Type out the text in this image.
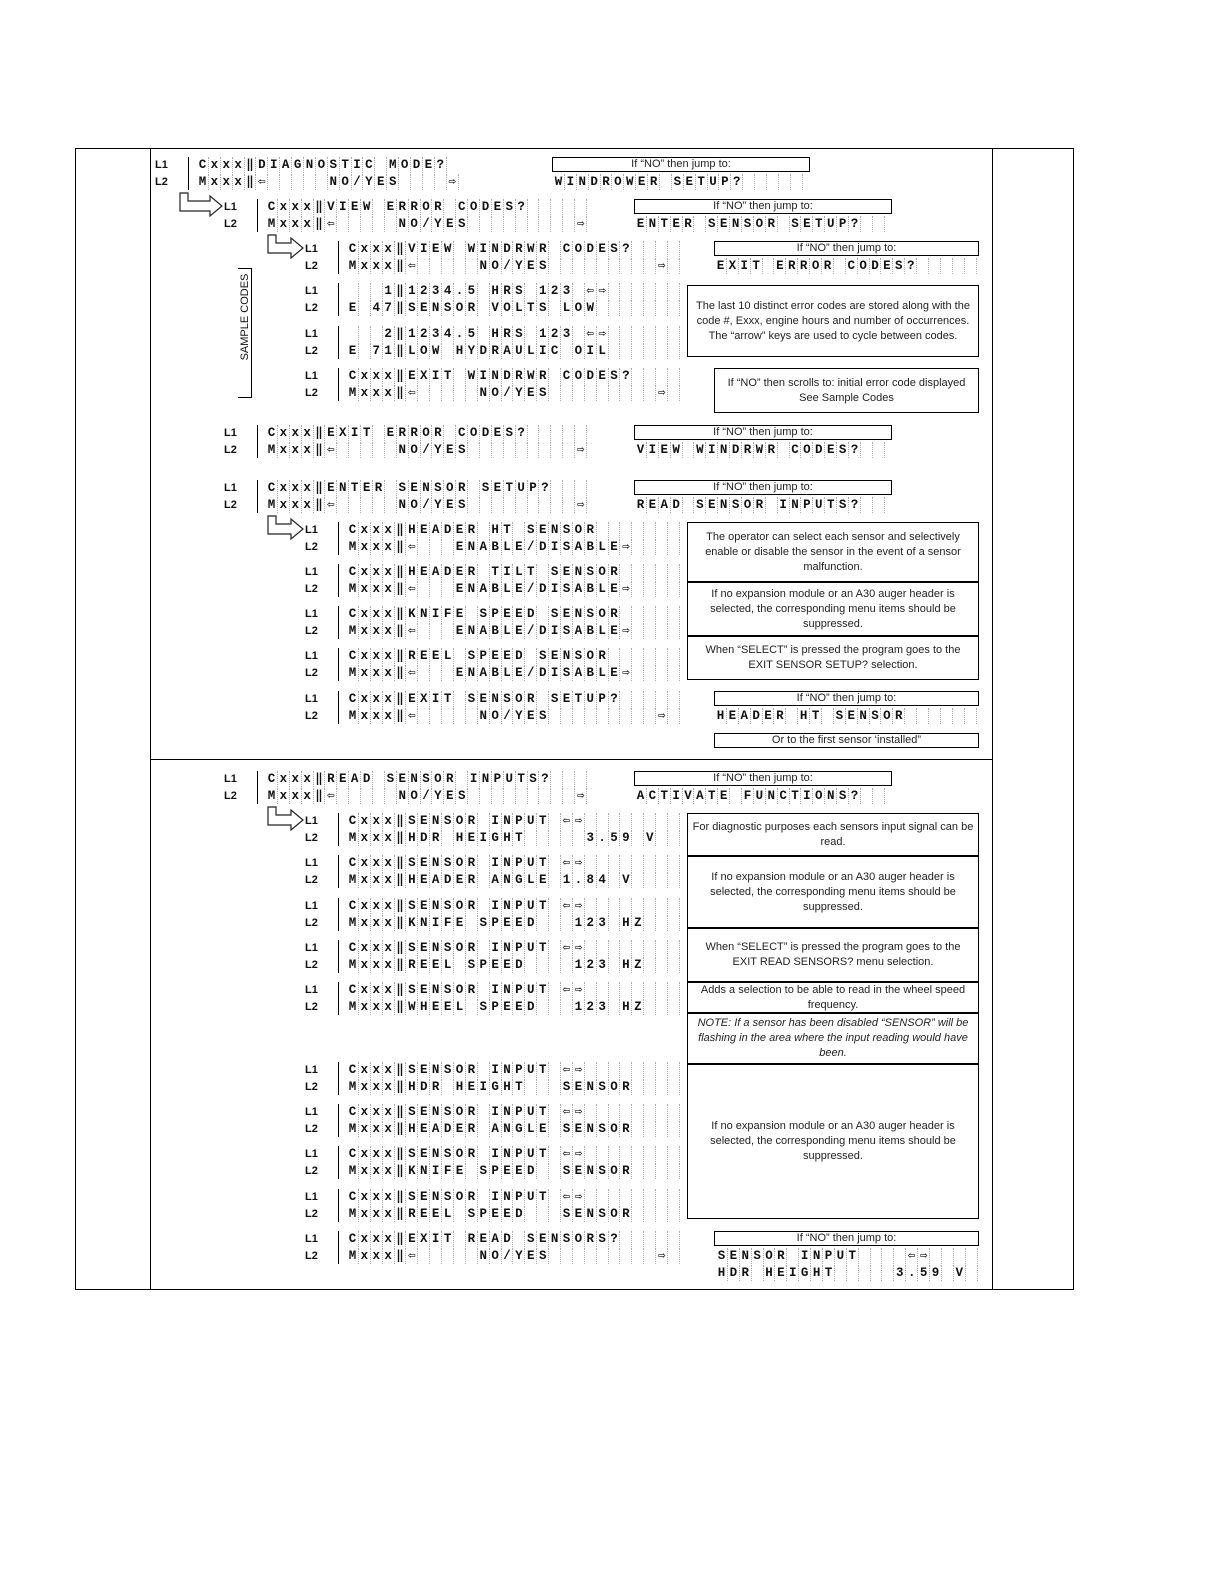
L1 C x x x ‖ D I A G N O S T I C
M O D E ?
L2 M x x x ‖ ⇦

	N O / Y E S

	⇨
L1 C x x x ‖ V I E W
E R R O R
C O D E S ?

L2 M x x x ‖ ⇦

	N O / Y E S

	⇨
L1 C x x x ‖ V I E W
W I N D R W R
C O D E S ?

L2 M x x x ‖ ⇦

	N O / Y E S

	⇨

L1

	1 ‖ 1 2 3 4 . 5
H R S
1 2 3
⇦ ⇨

L2 E
4 7 ‖ S E N S O R
V O L T S
L O W

L1

	2 ‖ 1 2 3 4 . 5
H R S
1 2 3
⇦ ⇨

L2 E
7 1 ‖ L O W
H Y D R A U L I C
O I L

L1 C x x x ‖ E X I T
W I N D R W R
C O D E S ?

L2 M x x x ‖ ⇦

	N O / Y E S

	⇨

L1 C x x x ‖ E X I T
E R R O R
C O D E S ?

L2 M x x x ‖ ⇦

	N O / Y E S

	⇨
L1 C x x x ‖ E N T E R
S E N S O R
S E T U P ?

L2 M x x x ‖ ⇦

	N O / Y E S

	⇨
L1 C x x x ‖ H E A D E R
H T
S E N S O R

L2 M x x x ‖ ⇦

	E N A B L E / D I S A B L E ⇨

L1 C x x x ‖ H E A D E R
T I L T
S E N S O R

L2 M x x x ‖ ⇦

	E N A B L E / D I S A B L E ⇨

L1 C x x x ‖ K N I F E
S P E E D
S E N S O R

L2 M x x x ‖ ⇦

	E N A B L E / D I S A B L E ⇨

L1 C x x x ‖ R E E L
S P E E D
S E N S O R

L2 M x x x ‖ ⇦

	E N A B L E / D I S A B L E ⇨

L1 C x x x ‖ E X I T
S E N S O R
S E T U P ?

L2 M x x x ‖ ⇦

	N O / Y E S

	⇨

L1 C x x x ‖ R E A D
S E N S O R
I N P U T S ?

L2 M x x x ‖ ⇦

	N O / Y E S

	⇨
L1 C x x x ‖ S E N S O R
I N P U T
⇦ ⇨

L2 M x x x ‖ H D R
H E I G H T

	3 . 5 9
V

L1 C x x x ‖ S E N S O R
I N P U T
⇦ ⇨

L2 M x x x ‖ H E A D E R
A N G L E
1 . 8 4
V

L1 C x x x ‖ S E N S O R
I N P U T
⇦ ⇨

L2 M x x x ‖ K N I F E
S P E E D

	1 2 3
H Z

L1 C x x x ‖ S E N S O R
I N P U T
⇦ ⇨

L2 M x x x ‖ R E E L
S P E E D

	1 2 3
H Z

L1 C x x x ‖ S E N S O R
I N P U T
⇦ ⇨

L2 M x x x ‖ W H E E L
S P E E D

	1 2 3
H Z

L1 C x x x ‖ S E N S O R
I N P U T
⇦ ⇨

L2 M x x x ‖ H D R
H E I G H T

	S E N S O R

L1 C x x x ‖ S E N S O R
I N P U T
⇦ ⇨

L2 M x x x ‖ H E A D E R
A N G L E
S E N S O R

L1 C x x x ‖ S E N S O R
I N P U T
⇦ ⇨

L2 M x x x ‖ K N I F E
S P E E D

S E N S O R

L1 C x x x ‖ S E N S O R
I N P U T
⇦ ⇨

L2 M x x x ‖ R E E L
S P E E D

	S E N S O R

L1 C x x x ‖ E X I T
R E A D
S E N S O R S ?

L2 M x x x ‖ ⇦

	N O / Y E S

	⇨

If “NO” then jump to:
W I N D R O W E R
S E T U P ?

If “NO” then jump to:
E N T E R
S E N S O R
S E T U P ?

If “NO” then jump to:
E X I T
E R R O R
C O D E S ?

If “NO” then jump to:
V I E W
W I N D R W R
C O D E S ?

If “NO” then jump to:
R E A D
S E N S O R
I N P U T S ?

If “NO” then jump to:
H E A D E R
H T
S E N S O R

If “NO” then jump to:
A C T I V A T E
F U N C T I O N S ?

The last 10 distinct error codes are stored along with the code #, Exxx, engine hours and number of occurrences. The “arrow” keys are used to cycle between codes.
If “NO” then scrolls to: initial error code displayed See Sample Codes
The operator can select each sensor and selectively enable or disable the sensor in the event of a sensor malfunction.
If no expansion module or an A30 auger header is selected, the corresponding menu items should be suppressed.
When “SELECT” is pressed the program goes to the EXIT SENSOR SETUP? selection.
For diagnostic purposes each sensors input signal can be read.
If no expansion module or an A30 auger header is selected, the corresponding menu items should be suppressed.
When “SELECT” is pressed the program goes to the EXIT READ SENSORS? menu selection.
Adds a selection to be able to read in the wheel speed frequency.
NOTE: If a sensor has been disabled “SENSOR” will be flashing in the area where the input reading would have been.
If no expansion module or an A30 auger header is selected, the corresponding menu items should be suppressed.
SAMPLE CODES
Or to the first sensor ‘installed”
If “NO” then jump to:
S E N S O R
I N P U T

	⇦ ⇨

H D R
H E I G H T

	3 . 5 9
V
